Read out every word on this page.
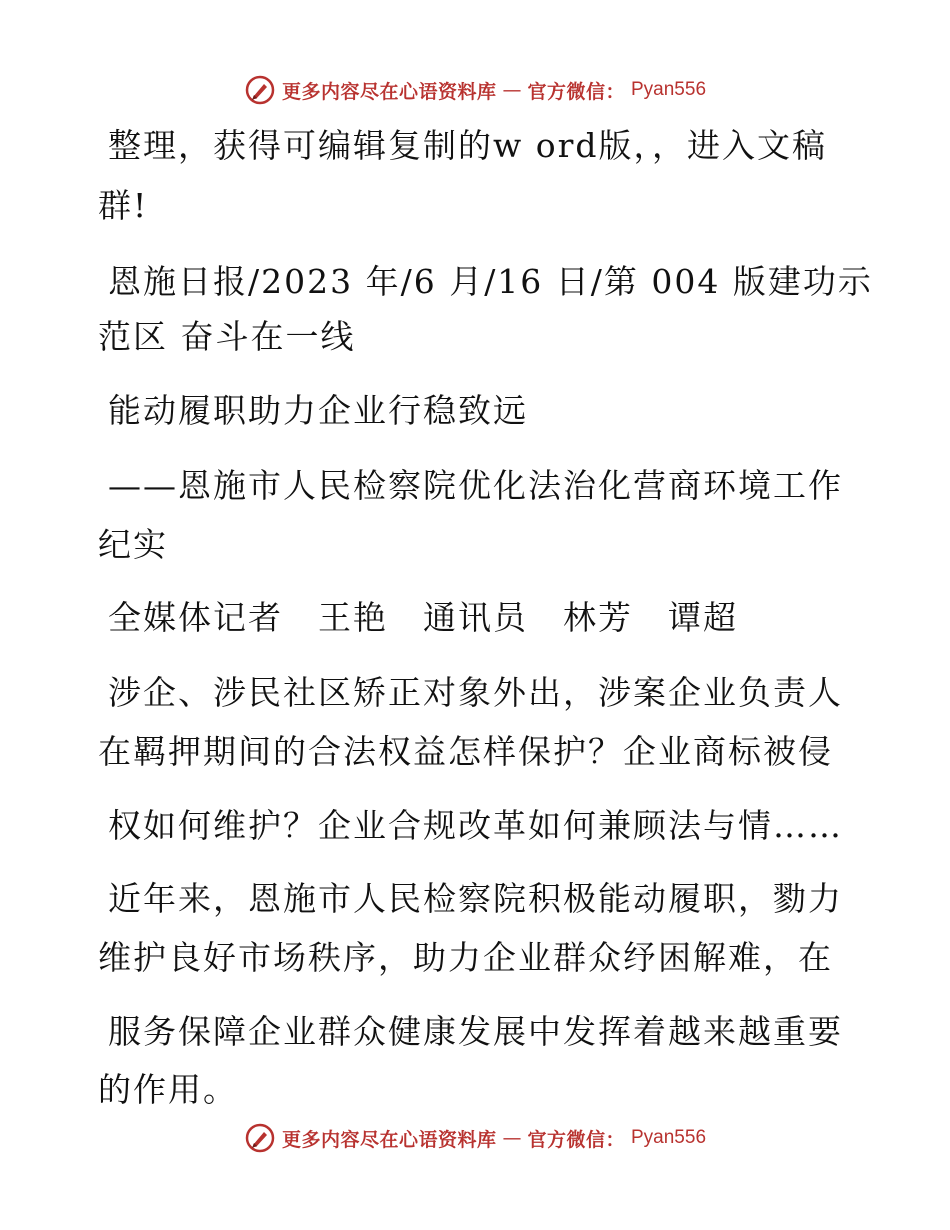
更多内容尽在心语资料库 — 官方微信： Pyan556
整理，获得可编辑复制的w ord版，，进入文稿
群!
恩施日报/2023 年/6 月/16 日/第 004 版建功示
范区 奋斗在一线
能动履职助力企业行稳致远
——恩施市人民检察院优化法治化营商环境工作
纪实
全媒体记者　王艳　通讯员　林芳　谭超
涉企、涉民社区矫正对象外出，涉案企业负责人
在羁押期间的合法权益怎样保护？企业商标被侵
权如何维护？企业合规改革如何兼顾法与情……
近年来，恩施市人民检察院积极能动履职，勠力
维护良好市场秩序，助力企业群众纾困解难，在
服务保障企业群众健康发展中发挥着越来越重要
的作用。
更多内容尽在心语资料库 — 官方微信： Pyan556
